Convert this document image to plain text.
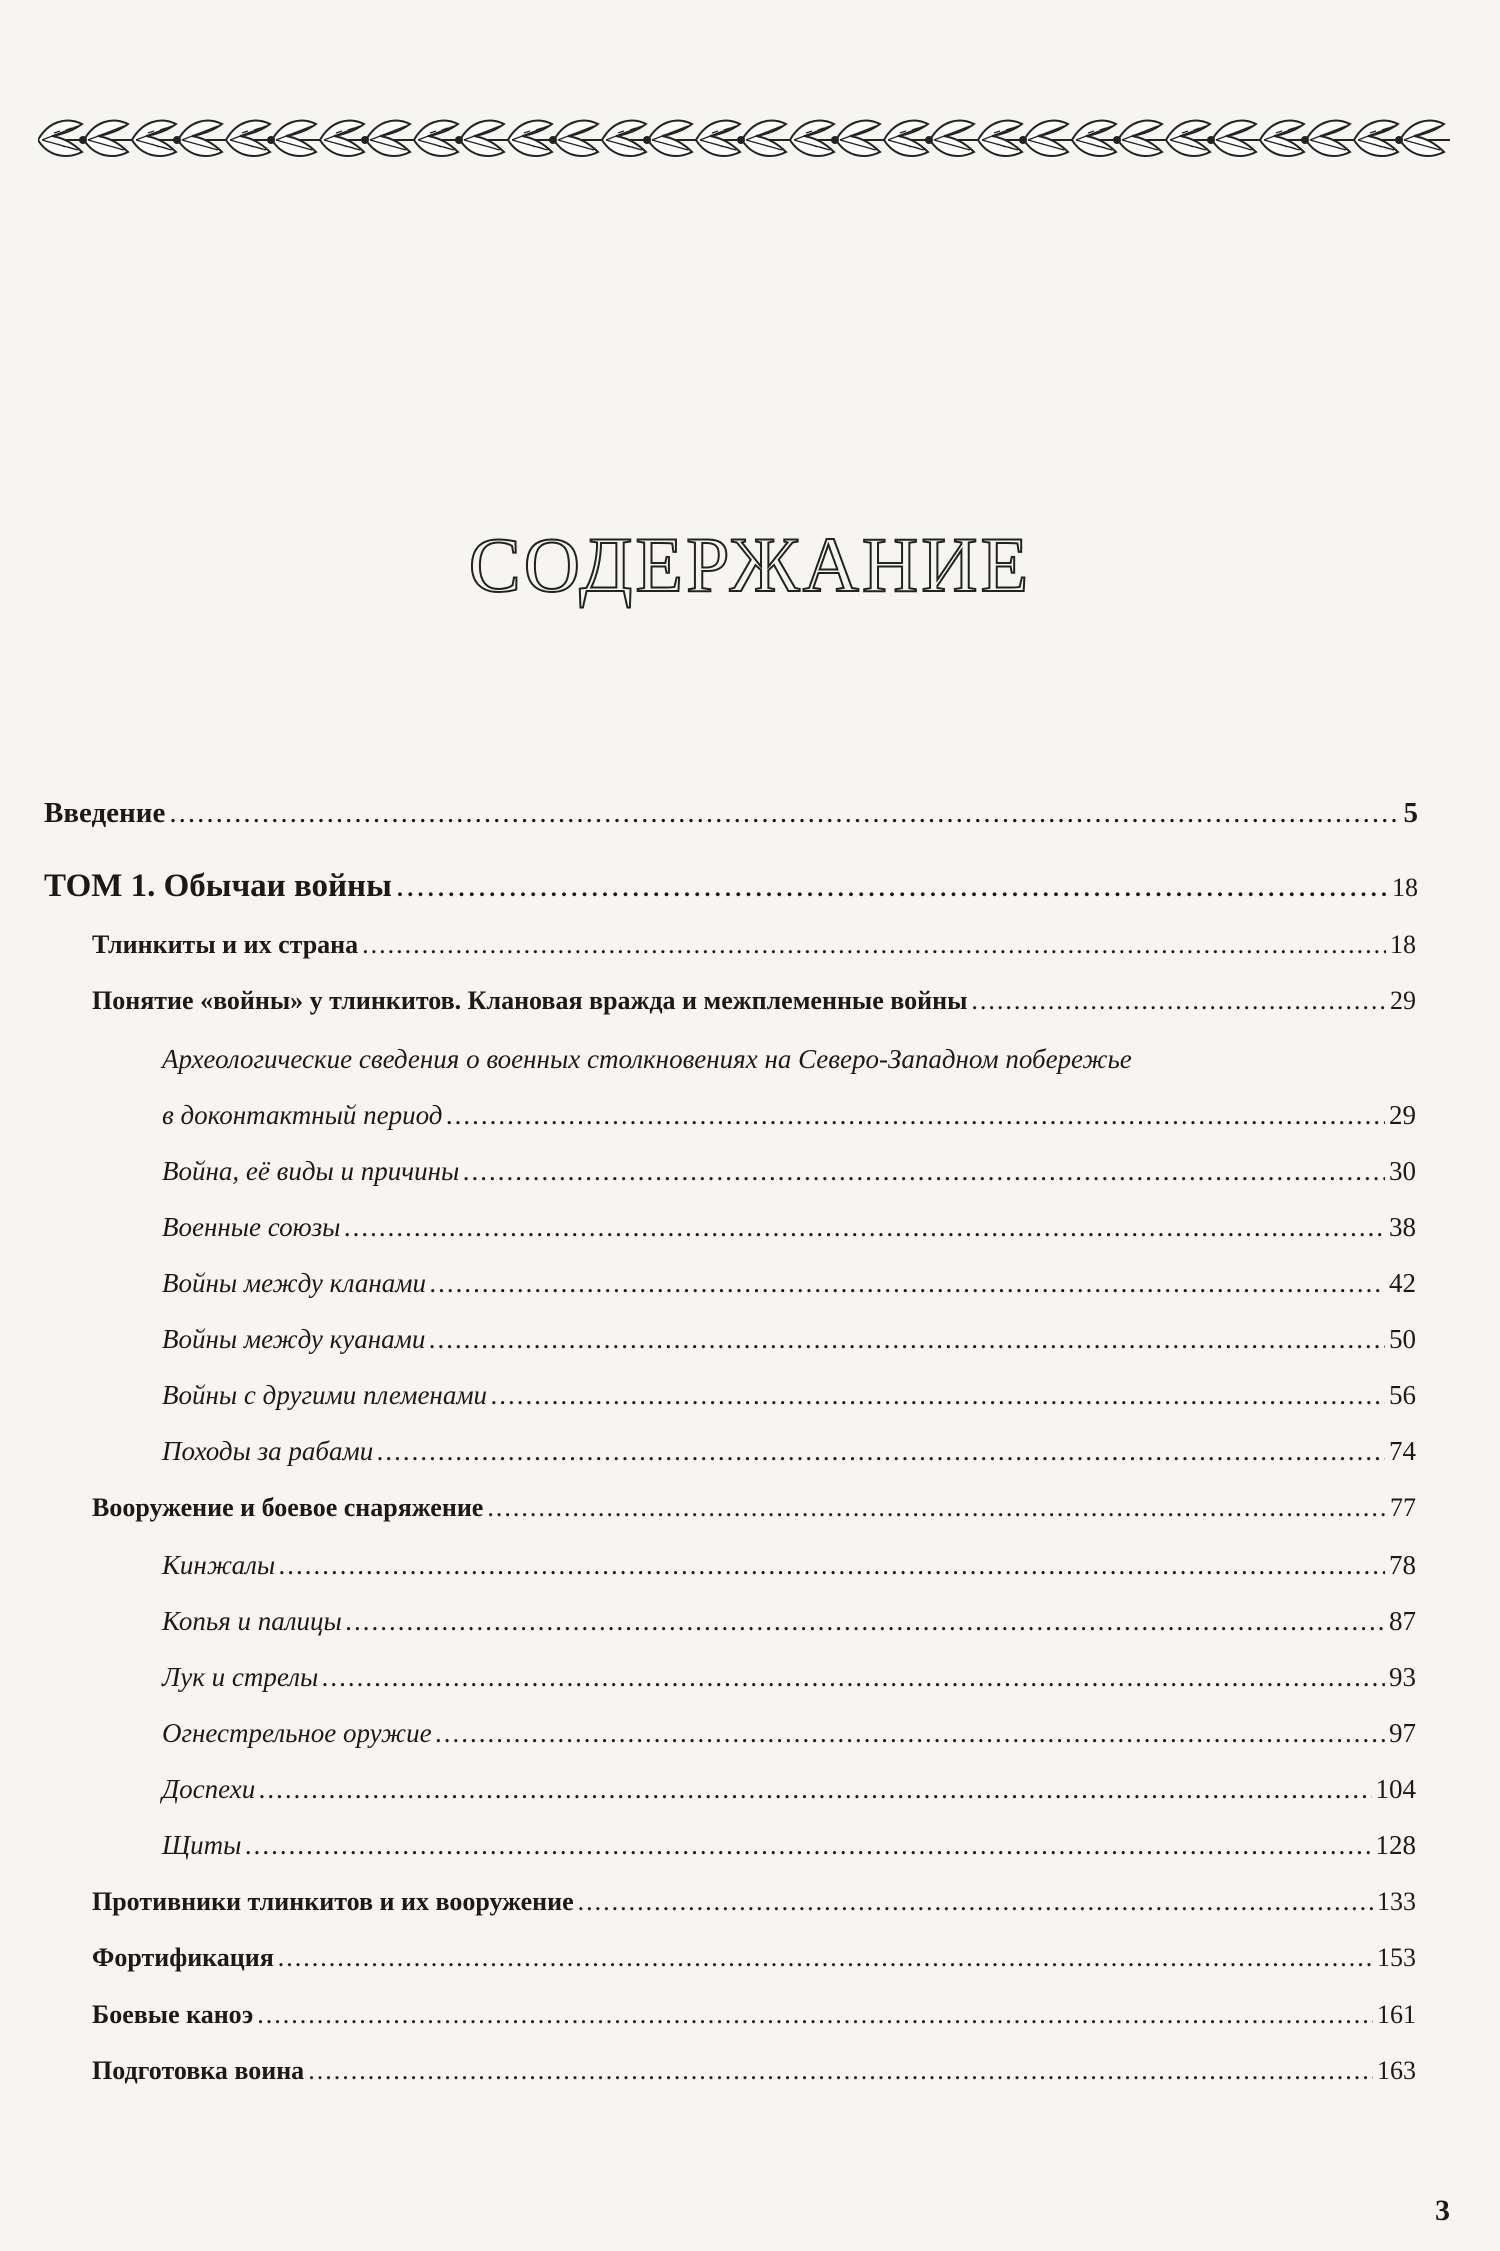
СОДЕРЖАНИЕ
Введение .....	5
ТОМ 1. Обычаи войны .....	18
Тлинкиты и их страна .....	18
Понятие «войны» у тлинкитов. Клановая вражда и межплеменные войны .....	29
Археологические сведения о военных столкновениях на Северо-Западном побережье
в доконтактный период .....	29
Война, её виды и причины .....	30
Военные союзы .....	38
Войны между кланами .....	42
Войны между куанами .....	50
Войны с другими племенами .....	56
Походы за рабами .....	74
Вооружение и боевое снаряжение .....	77
Кинжалы .....	78
Копья и палицы .....	87
Лук и стрелы .....	93
Огнестрельное оружие .....	97
Доспехи .....	104
Щиты .....	128
Противники тлинкитов и их вооружение .....	133
Фортификация .....	153
Боевые каноэ .....	161
Подготовка воина .....	163
3
